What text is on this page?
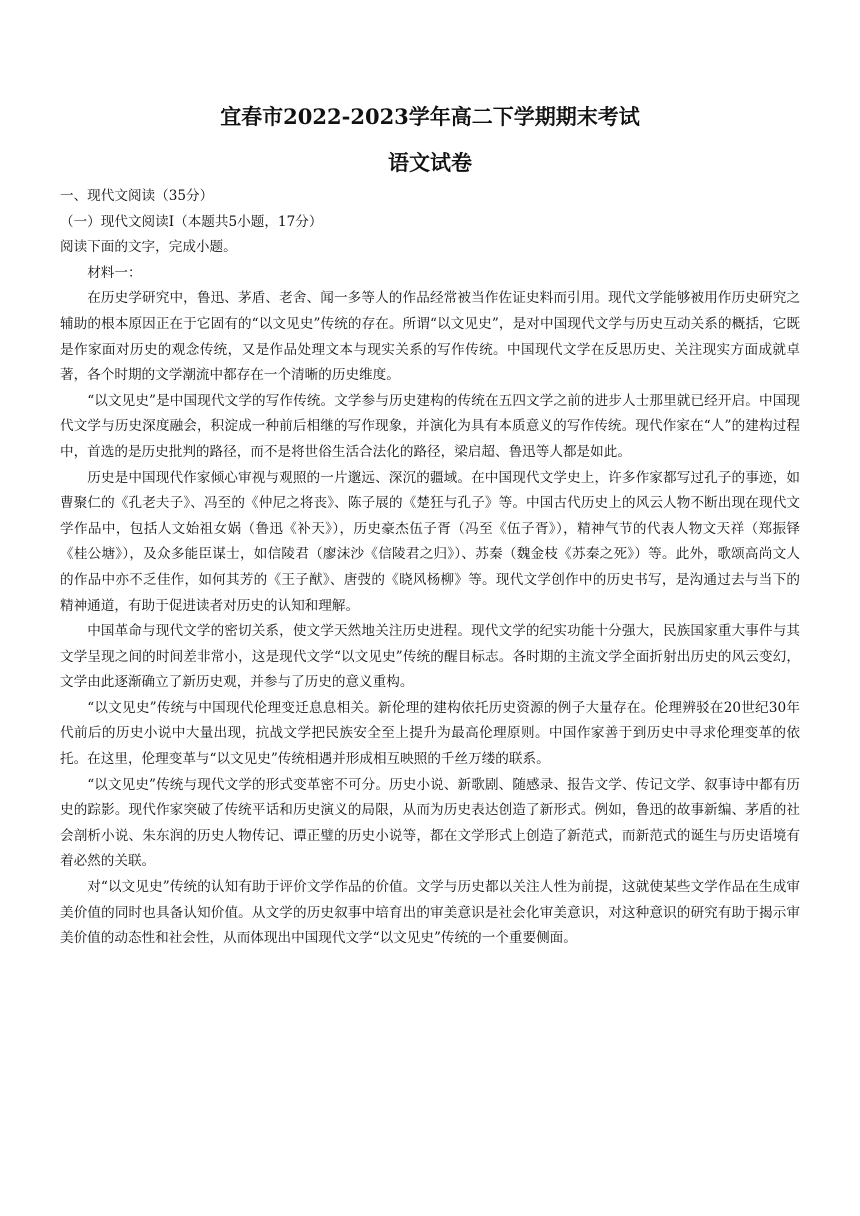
宜春市2022-2023学年高二下学期期末考试
语文试卷

一、现代文阅读（35分）

（一）现代文阅读Ⅰ（本题共5小题，17分）

阅读下面的文字，完成小题。

材料一：

在历史学研究中，鲁迅、茅盾、老舍、闻一多等人的作品经常被当作佐证史料而引用。现代文学能够被用作历史研究之辅助的根本原因正在于它固有的“以文见史”传统的存在。所谓“以文见史”，是对中国现代文学与历史互动关系的概括，它既是作家面对历史的观念传统，又是作品处理文本与现实关系的写作传统。中国现代文学在反思历史、关注现实方面成就卓著，各个时期的文学潮流中都存在一个清晰的历史维度。

“以文见史”是中国现代文学的写作传统。文学参与历史建构的传统在五四文学之前的进步人士那里就已经开启。中国现代文学与历史深度融会，积淀成一种前后相继的写作现象，并演化为具有本质意义的写作传统。现代作家在“人”的建构过程中，首选的是历史批判的路径，而不是将世俗生活合法化的路径，梁启超、鲁迅等人都是如此。

历史是中国现代作家倾心审视与观照的一片邈远、深沉的疆域。在中国现代文学史上，许多作家都写过孔子的事迹，如曹聚仁的《孔老夫子》、冯至的《仲尼之将丧》、陈子展的《楚狂与孔子》等。中国古代历史上的风云人物不断出现在现代文学作品中，包括人文始祖女娲（鲁迅《补天》），历史豪杰伍子胥（冯至《伍子胥》），精神气节的代表人物文天祥（郑振铎《桂公塘》），及众多能臣谋士，如信陵君（廖沫沙《信陵君之归》）、苏秦（魏金枝《苏秦之死》）等。此外，歌颂高尚文人的作品中亦不乏佳作，如何其芳的《王子猷》、唐弢的《晓风杨柳》等。现代文学创作中的历史书写，是沟通过去与当下的精神通道，有助于促进读者对历史的认知和理解。

中国革命与现代文学的密切关系，使文学天然地关注历史进程。现代文学的纪实功能十分强大，民族国家重大事件与其文学呈现之间的时间差非常小，这是现代文学“以文见史”传统的醒目标志。各时期的主流文学全面折射出历史的风云变幻，文学由此逐渐确立了新历史观，并参与了历史的意义重构。

“以文见史”传统与中国现代伦理变迁息息相关。新伦理的建构依托历史资源的例子大量存在。伦理辨驳在20世纪30年代前后的历史小说中大量出现，抗战文学把民族安全至上提升为最高伦理原则。中国作家善于到历史中寻求伦理变革的依托。在这里，伦理变革与“以文见史”传统相遇并形成相互映照的千丝万缕的联系。

“以文见史”传统与现代文学的形式变革密不可分。历史小说、新歌剧、随感录、报告文学、传记文学、叙事诗中都有历史的踪影。现代作家突破了传统平话和历史演义的局限，从而为历史表达创造了新形式。例如，鲁迅的故事新编、茅盾的社会剖析小说、朱东润的历史人物传记、谭正璧的历史小说等，都在文学形式上创造了新范式，而新范式的诞生与历史语境有着必然的关联。

对“以文见史”传统的认知有助于评价文学作品的价值。文学与历史都以关注人性为前提，这就使某些文学作品在生成审美价值的同时也具备认知价值。从文学的历史叙事中培育出的审美意识是社会化审美意识，对这种意识的研究有助于揭示审美价值的动态性和社会性，从而体现出中国现代文学“以文见史”传统的一个重要侧面。
